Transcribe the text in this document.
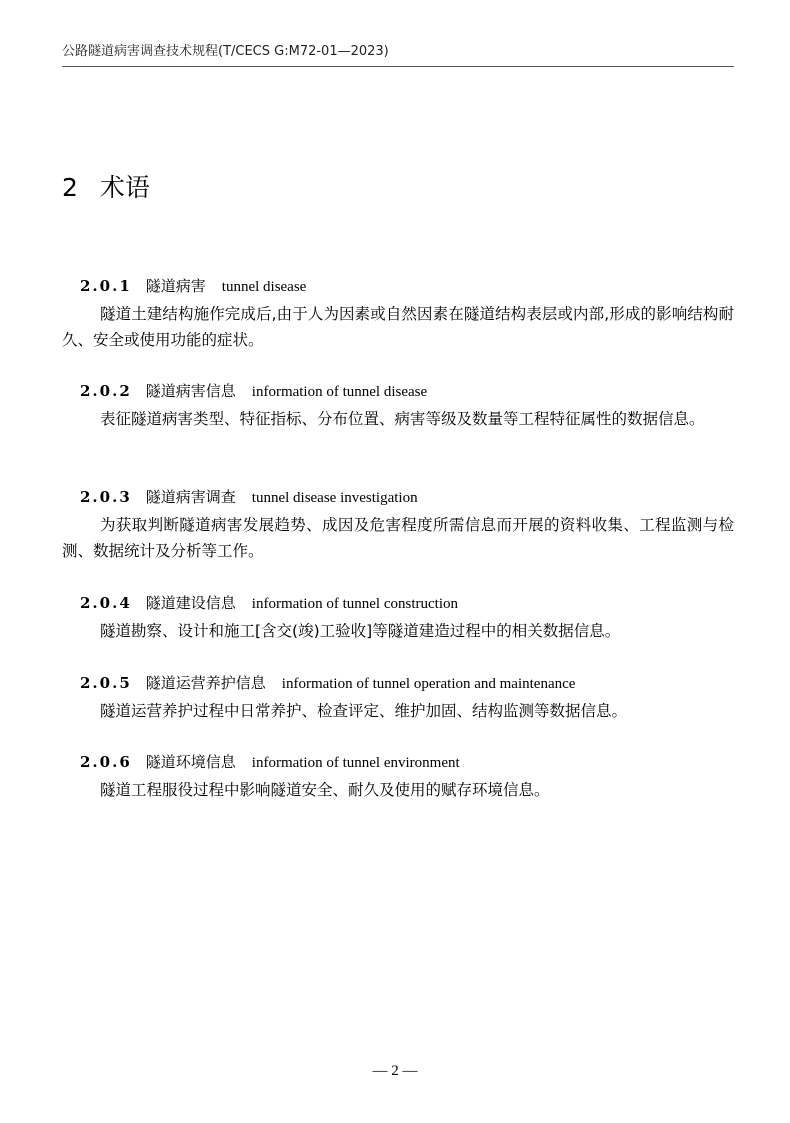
公路隧道病害调查技术规程(T/CECS G:M72-01—2023)
2 术语
2.0.1 隧道病害 tunnel disease
隧道土建结构施作完成后,由于人为因素或自然因素在隧道结构表层或内部,形成的影响结构耐久、安全或使用功能的症状。
2.0.2 隧道病害信息 information of tunnel disease
表征隧道病害类型、特征指标、分布位置、病害等级及数量等工程特征属性的数据信息。
2.0.3 隧道病害调查 tunnel disease investigation
为获取判断隧道病害发展趋势、成因及危害程度所需信息而开展的资料收集、工程监测与检测、数据统计及分析等工作。
2.0.4 隧道建设信息 information of tunnel construction
隧道勘察、设计和施工[含交(竣)工验收]等隧道建造过程中的相关数据信息。
2.0.5 隧道运营养护信息 information of tunnel operation and maintenance
隧道运营养护过程中日常养护、检查评定、维护加固、结构监测等数据信息。
2.0.6 隧道环境信息 information of tunnel environment
隧道工程服役过程中影响隧道安全、耐久及使用的赋存环境信息。
— 2 —
